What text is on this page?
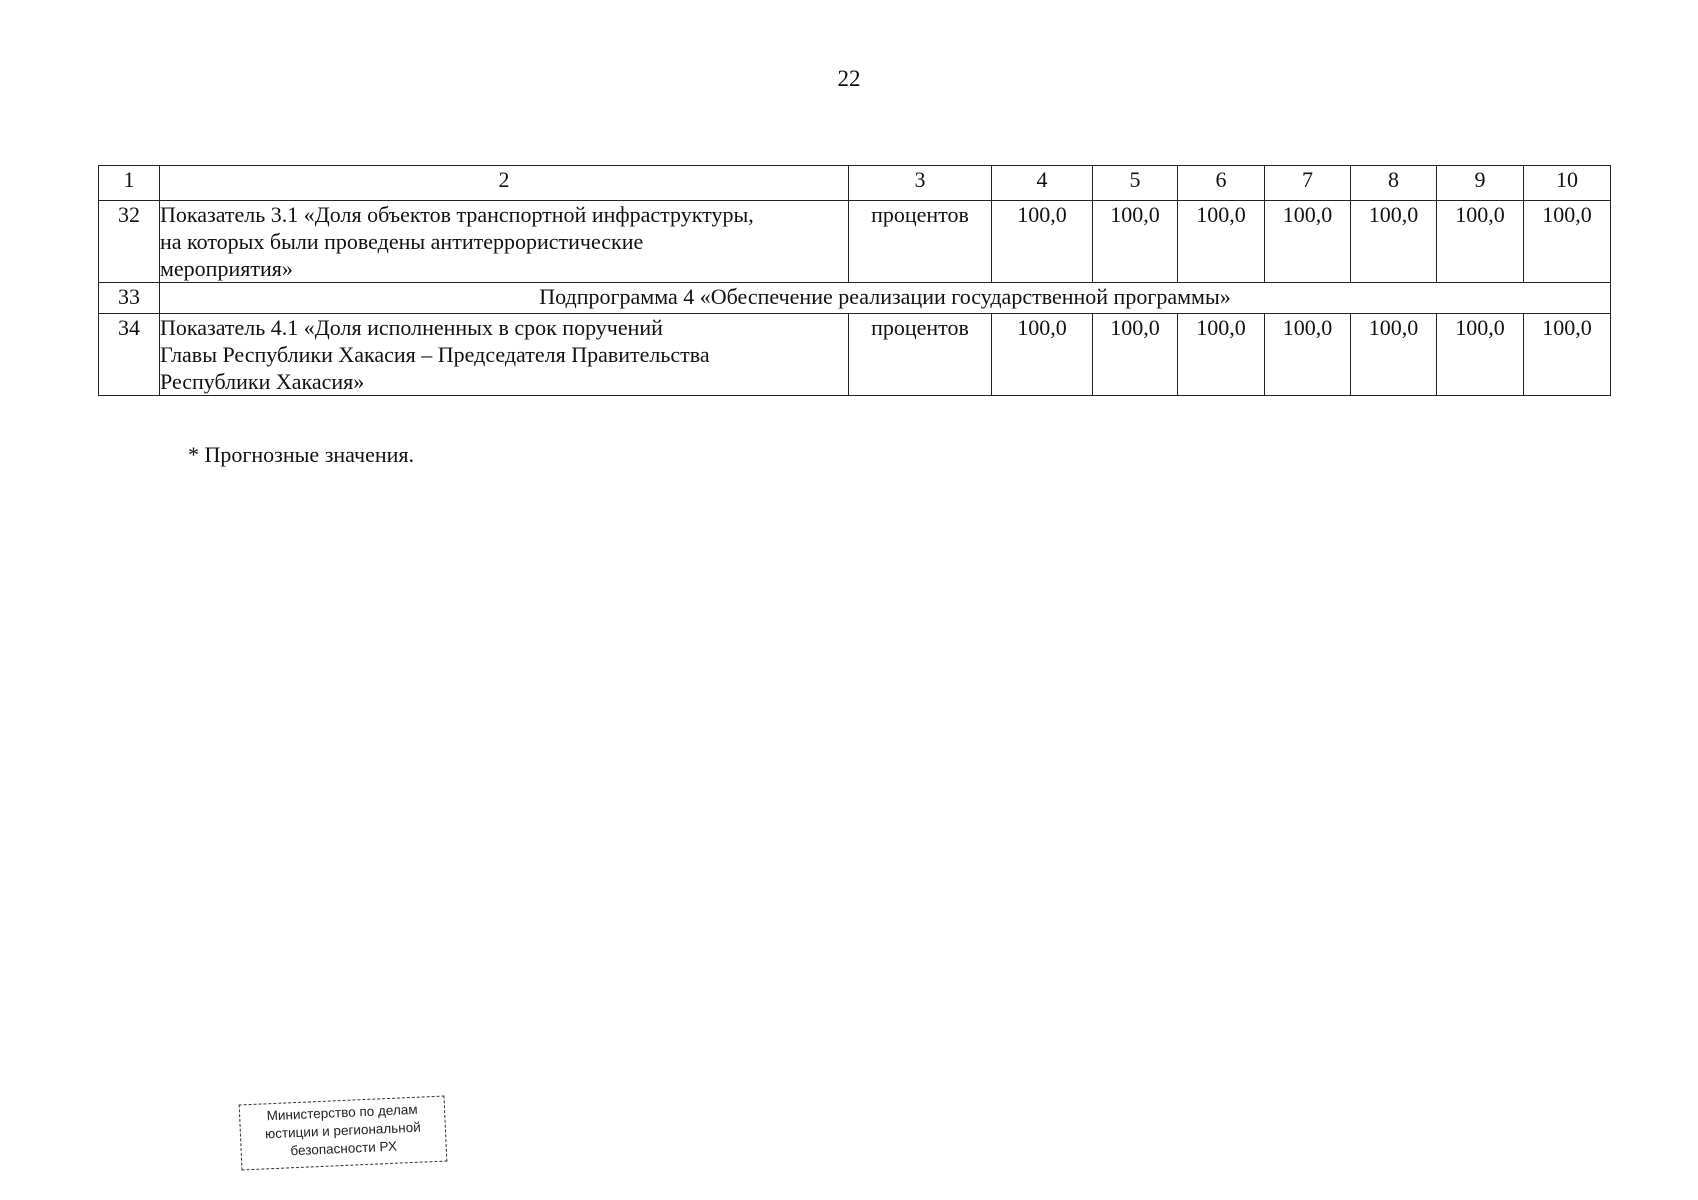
22
1	2	3	4	5	6	7	8	9	10
32	Показатель 3.1 «Доля объектов транспортной инфраструктуры,
на которых были проведены антитеррористические
мероприятия»	процентов	100,0	100,0	100,0	100,0	100,0	100,0	100,0
33	Подпрограмма 4 «Обеспечение реализации государственной программы»								
34	Показатель 4.1 «Доля исполненных в срок поручений
Главы Республики Хакасия – Председателя Правительства
Республики Хакасия»	процентов	100,0	100,0	100,0	100,0	100,0	100,0	100,0
* Прогнозные значения.
Министерство по делам
юстиции и региональной
безопасности РХ
